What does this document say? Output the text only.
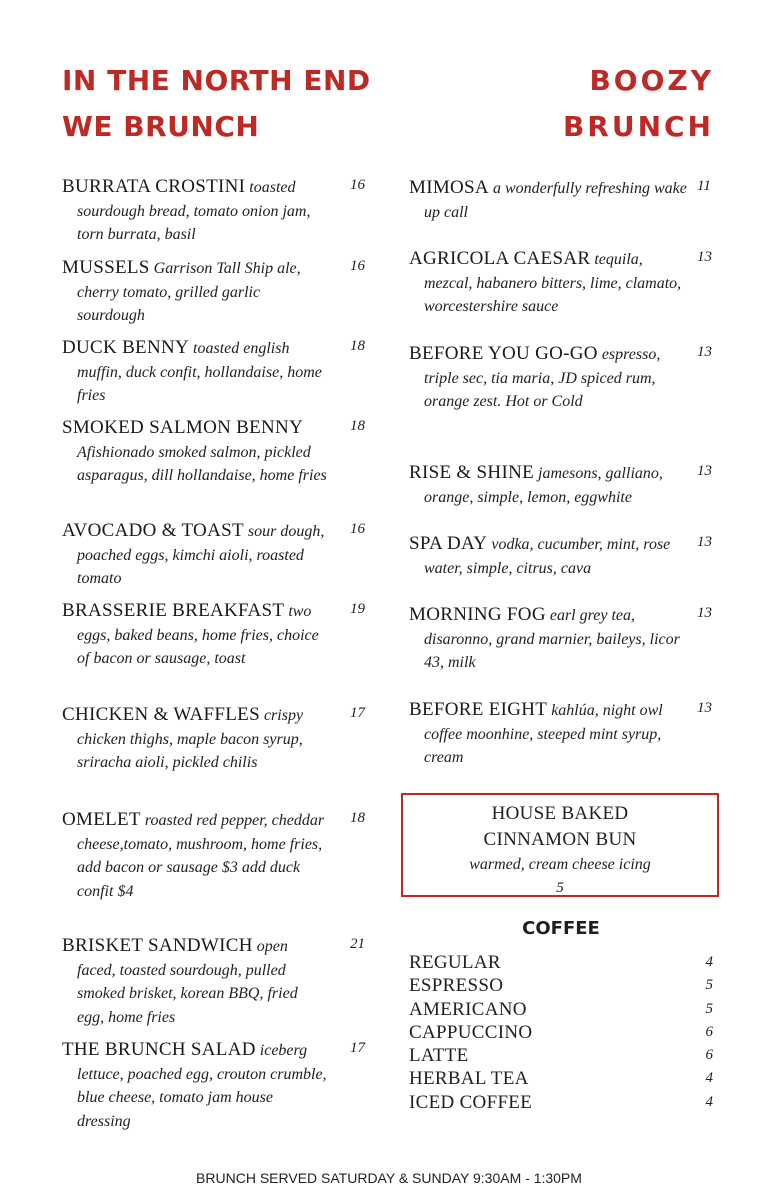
IN THE NORTH END
WE BRUNCH
BOOZY
BRUNCH
BURRATA CROSTINI toasted sourdough bread, tomato onion jam, torn burrata, basil
16
MUSSELS Garrison Tall Ship ale, cherry tomato, grilled garlic sourdough
16
DUCK BENNY toasted english muffin, duck confit, hollandaise, home fries
18
SMOKED SALMON BENNY Afishionado smoked salmon, pickled asparagus, dill hollandaise, home fries
18
AVOCADO & TOAST sour dough, poached eggs, kimchi aioli, roasted tomato
16
BRASSERIE BREAKFAST two eggs, baked beans, home fries, choice of bacon or sausage, toast
19
CHICKEN & WAFFLES crispy chicken thighs, maple bacon syrup, sriracha aioli, pickled chilis
17
OMELET roasted red pepper, cheddar cheese,tomato, mushroom, home fries, add bacon or sausage $3 add duck confit $4
18
BRISKET SANDWICH open faced, toasted sourdough, pulled smoked brisket, korean BBQ, fried egg, home fries
21
THE BRUNCH SALAD iceberg lettuce, poached egg, crouton crumble, blue cheese, tomato jam house dressing
17
MIMOSA a wonderfully refreshing wake up call
11
AGRICOLA CAESAR tequila, mezcal, habanero bitters, lime, clamato, worcestershire sauce
13
BEFORE YOU GO-GO espresso, triple sec, tia maria, JD spiced rum, orange zest. Hot or Cold
13
RISE & SHINE jamesons, galliano, orange, simple, lemon, eggwhite
13
SPA DAY vodka, cucumber, mint, rose water, simple, citrus, cava
13
MORNING FOG earl grey tea, disaronno, grand marnier, baileys, licor 43, milk
13
BEFORE EIGHT kahlúa, night owl coffee moonhine, steeped mint syrup, cream
13
HOUSE BAKED
CINNAMON BUN
warmed, cream cheese icing
5
COFFEE
REGULAR	4
ESPRESSO	5
AMERICANO	5
CAPPUCCINO	6
LATTE	6
HERBAL TEA	4
ICED COFFEE	4
BRUNCH SERVED SATURDAY & SUNDAY 9:30AM - 1:30PM
